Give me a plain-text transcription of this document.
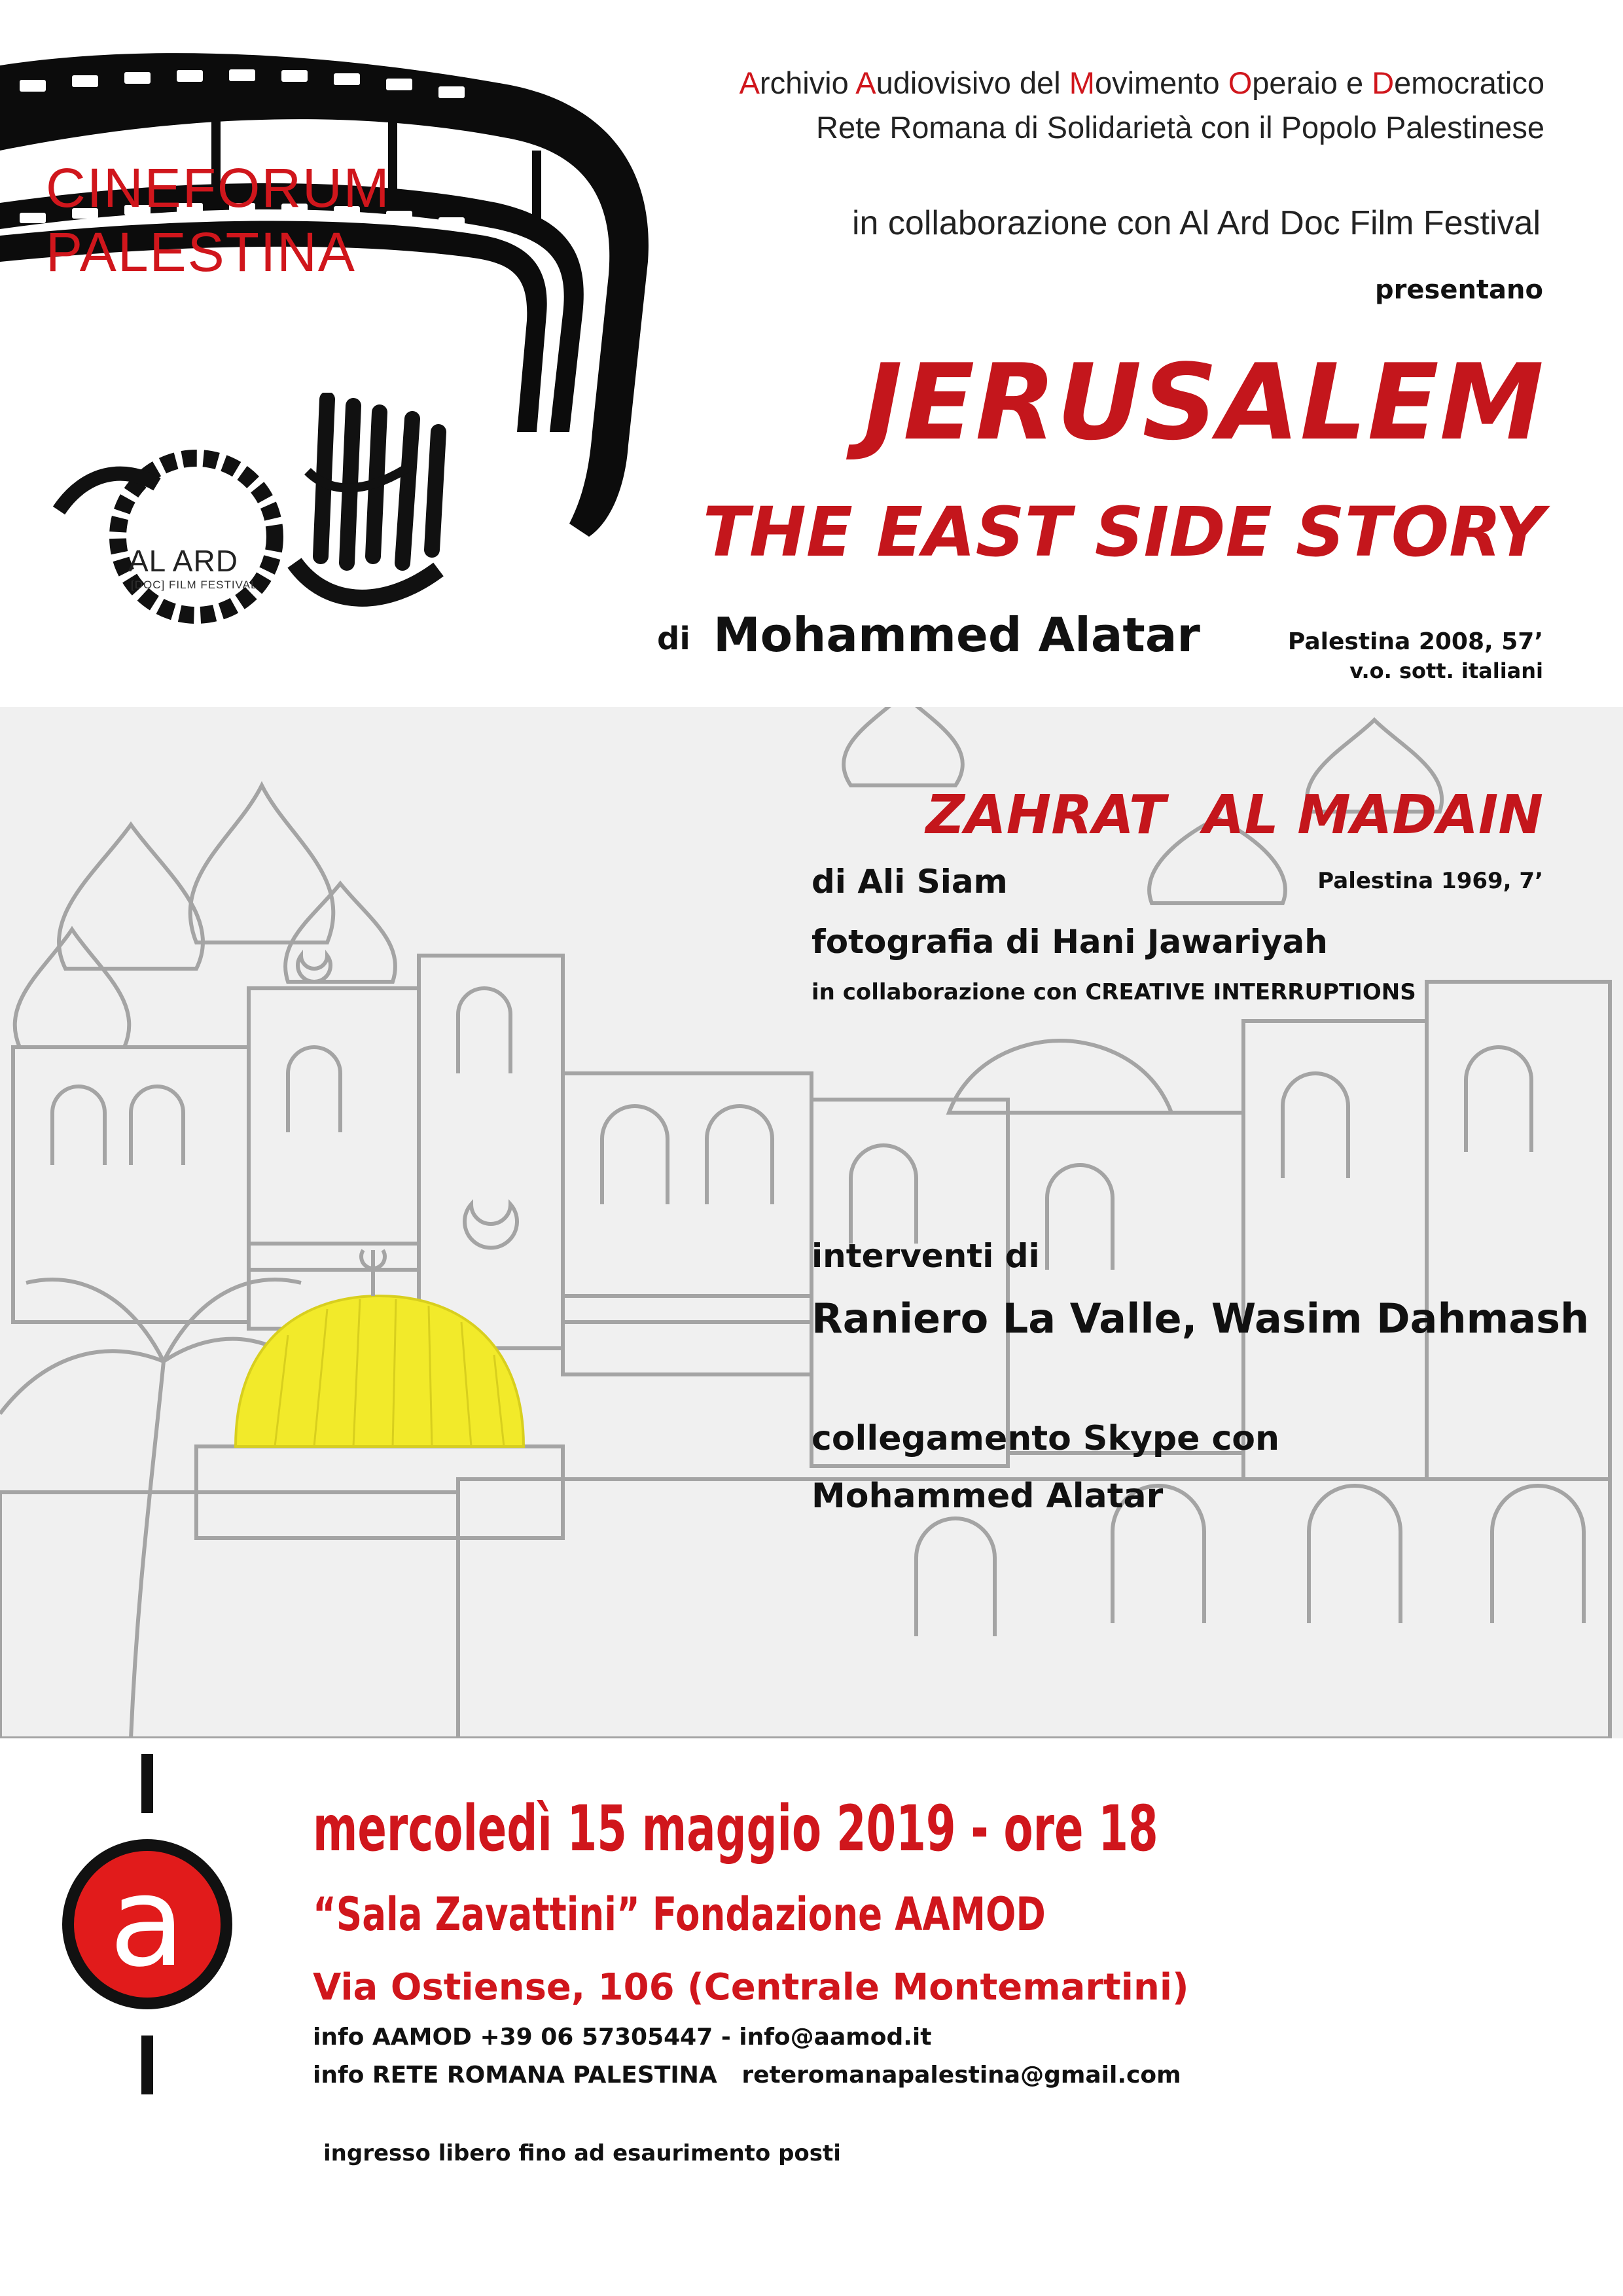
CINEFORUM
PALESTINA
AL ARD
[DOC] FILM FESTIVAL
Archivio Audiovisivo del Movimento Operaio e Democratico
Rete Romana di Solidarietà con il Popolo Palestinese
in collaborazione con Al Ard Doc Film Festival
presentano
JERUSALEM
THE EAST SIDE STORY
di Mohammed Alatar	Palestina 2008, 57’
v.o. sott. italiani
ZAHRAT  AL MADAIN
di Ali Siam	Palestina 1969, 7’
fotografia di Hani Jawariyah
in collaborazione con CREATIVE INTERRUPTIONS
interventi di
Raniero La Valle, Wasim Dahmash
collegamento Skype con
Mohammed Alatar
a
mercoledì 15 maggio 2019 - ore 18
“Sala Zavattini” Fondazione AAMOD
Via Ostiense, 106 (Centrale Montemartini)
info AAMOD +39 06 57305447 - info@aamod.it
info RETE ROMANA PALESTINA   reteromanapalestina@gmail.com
ingresso libero fino ad esaurimento posti
